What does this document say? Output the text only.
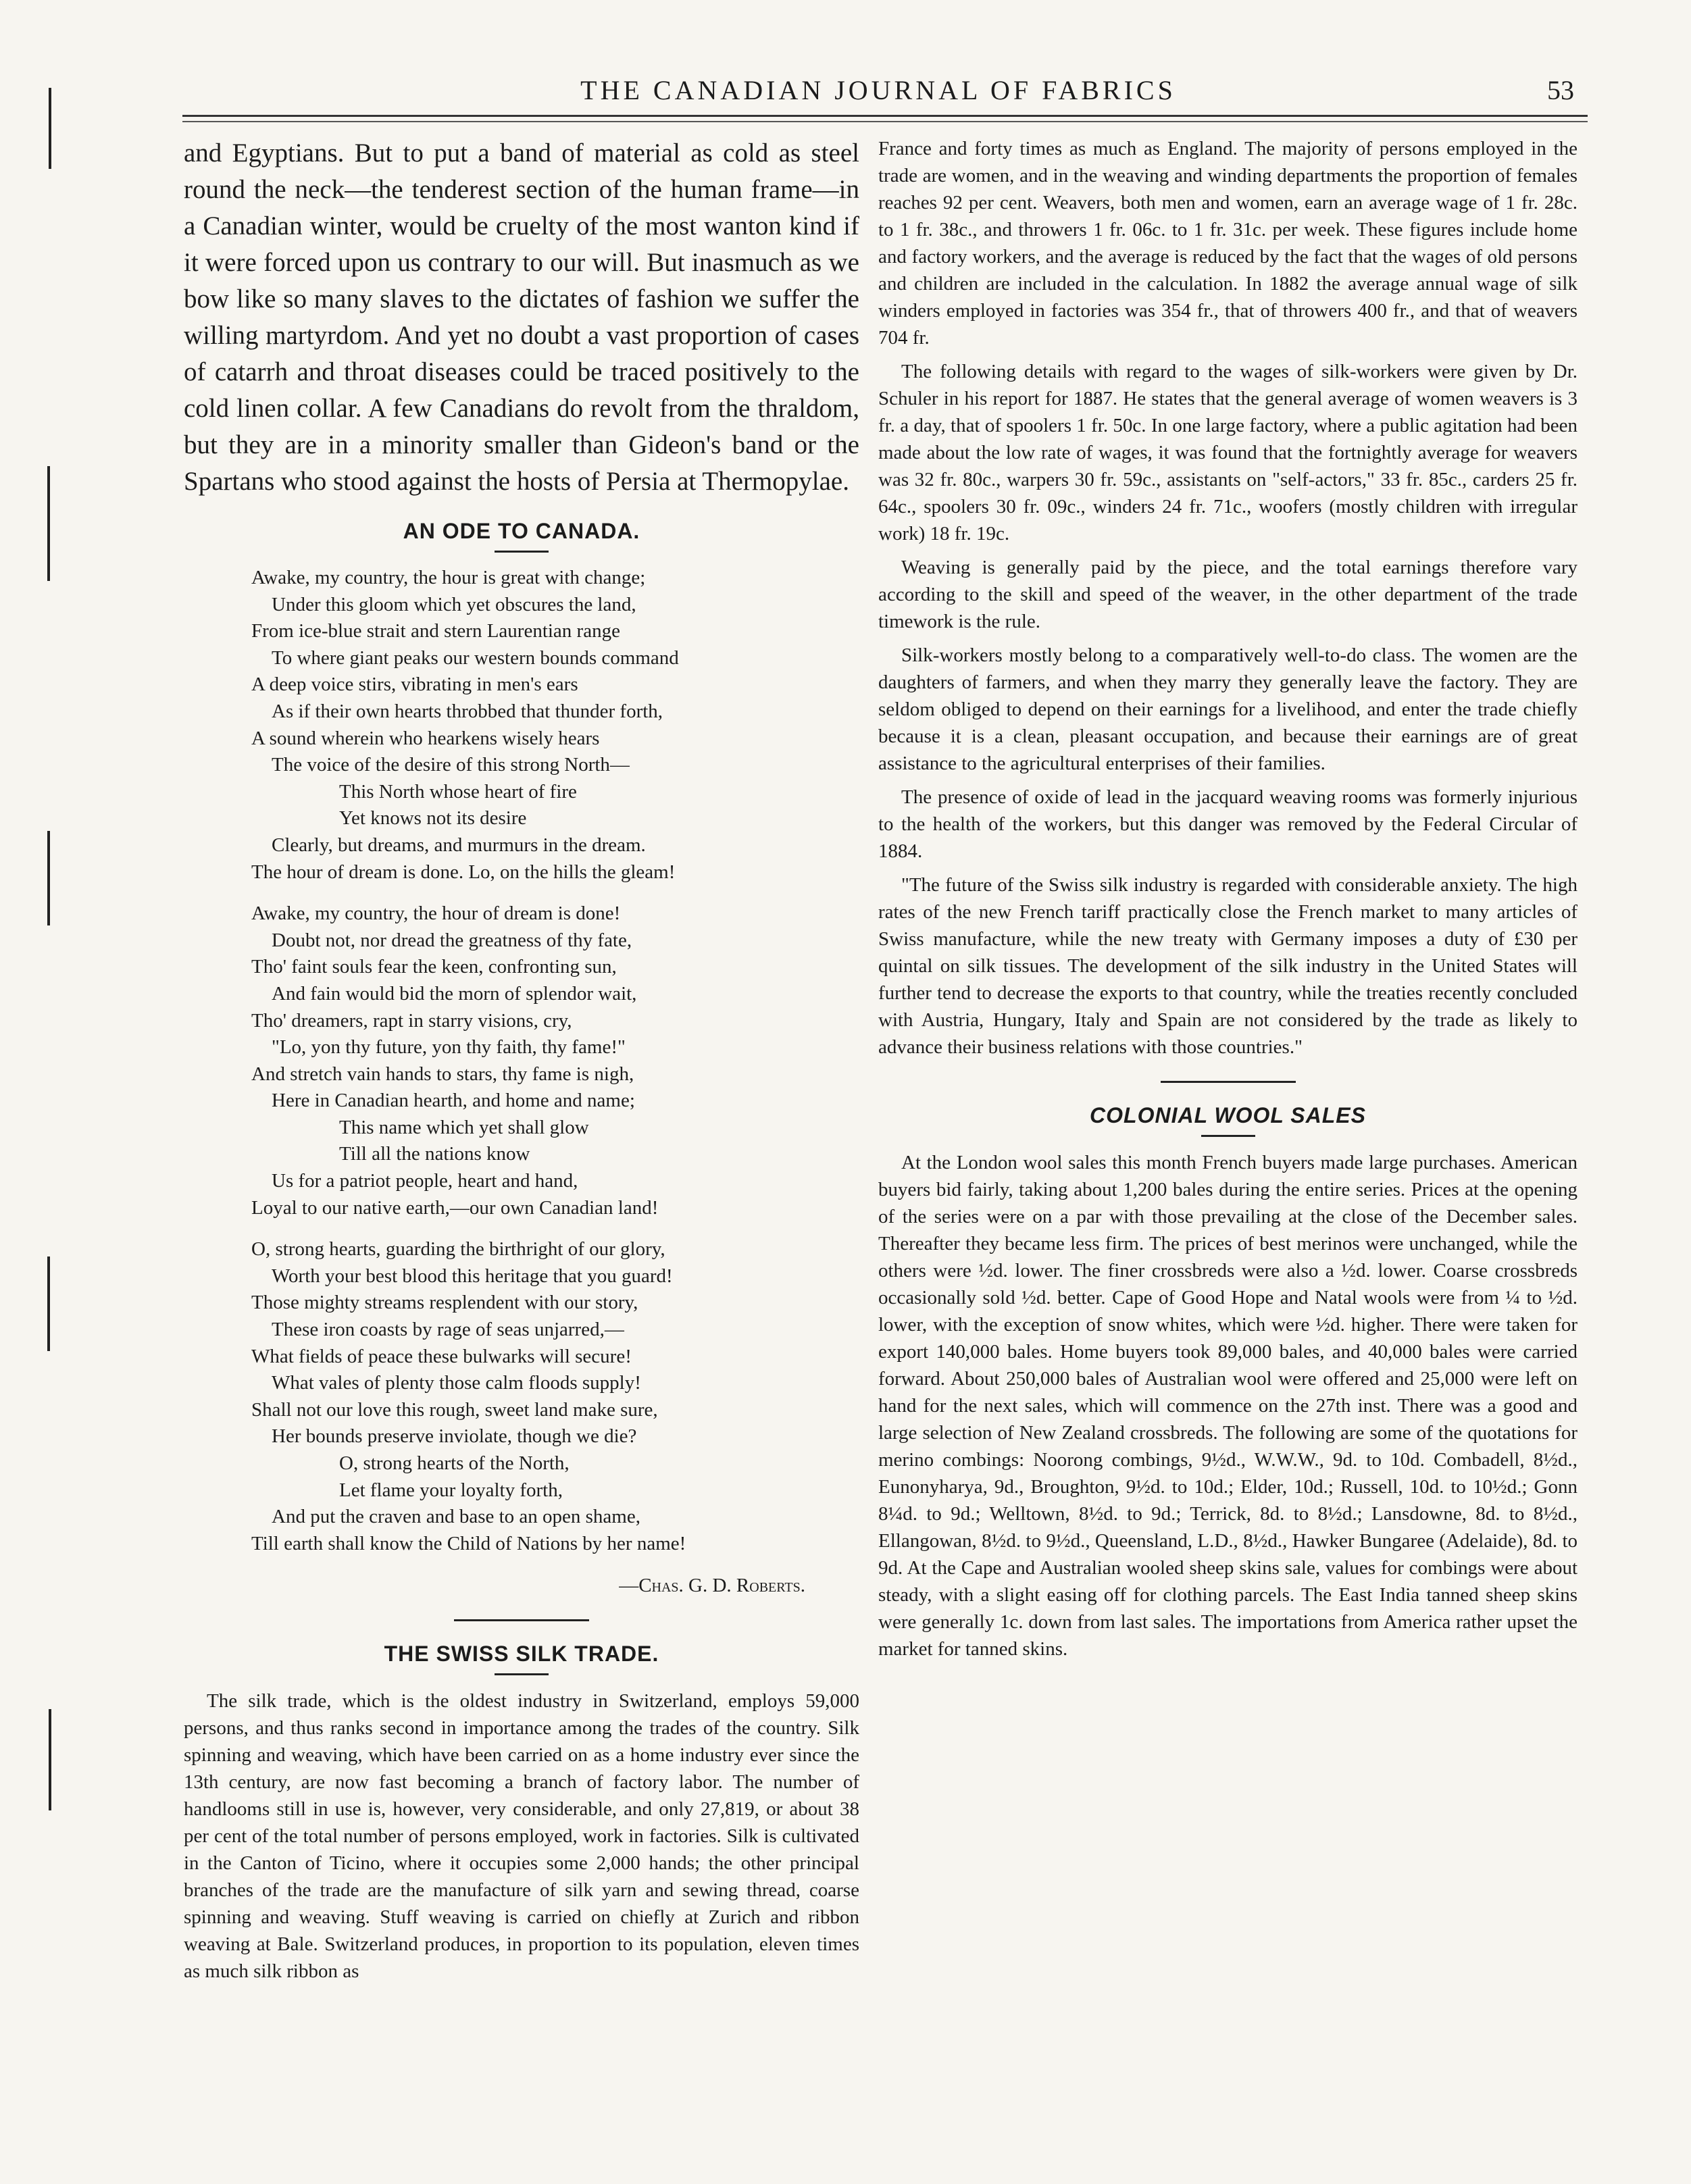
THE CANADIAN JOURNAL OF FABRICS	53

and Egyptians. But to put a band of material as cold as steel round the neck—the tenderest section of the human frame—in a Canadian winter, would be cruelty of the most wanton kind if it were forced upon us contrary to our will. But inasmuch as we bow like so many slaves to the dictates of fashion we suffer the willing martyrdom. And yet no doubt a vast proportion of cases of catarrh and throat diseases could be traced positively to the cold linen collar. A few Canadians do revolt from the thraldom, but they are in a minority smaller than Gideon's band or the Spartans who stood against the hosts of Persia at Thermopylae.

AN ODE TO CANADA.
Awake, my country, the hour is great with change;
Under this gloom which yet obscures the land,
From ice-blue strait and stern Laurentian range
To where giant peaks our western bounds command
A deep voice stirs, vibrating in men's ears
As if their own hearts throbbed that thunder forth,
A sound wherein who hearkens wisely hears
The voice of the desire of this strong North—
This North whose heart of fire
Yet knows not its desire
Clearly, but dreams, and murmurs in the dream.
The hour of dream is done. Lo, on the hills the gleam!
Awake, my country, the hour of dream is done!
Doubt not, nor dread the greatness of thy fate,
Tho' faint souls fear the keen, confronting sun,
And fain would bid the morn of splendor wait,
Tho' dreamers, rapt in starry visions, cry,
"Lo, yon thy future, yon thy faith, thy fame!"
And stretch vain hands to stars, thy fame is nigh,
Here in Canadian hearth, and home and name;
This name which yet shall glow
Till all the nations know
Us for a patriot people, heart and hand,
Loyal to our native earth,—our own Canadian land!
O, strong hearts, guarding the birthright of our glory,
Worth your best blood this heritage that you guard!
Those mighty streams resplendent with our story,
These iron coasts by rage of seas unjarred,—
What fields of peace these bulwarks will secure!
What vales of plenty those calm floods supply!
Shall not our love this rough, sweet land make sure,
Her bounds preserve inviolate, though we die?
O, strong hearts of the North,
Let flame your loyalty forth,
And put the craven and base to an open shame,
Till earth shall know the Child of Nations by her name!
—Chas. G. D. Roberts.
THE SWISS SILK TRADE.

The silk trade, which is the oldest industry in Switzerland, employs 59,000 persons, and thus ranks second in importance among the trades of the country. Silk spinning and weaving, which have been carried on as a home industry ever since the 13th century, are now fast becoming a branch of factory labor. The number of handlooms still in use is, however, very considerable, and only 27,819, or about 38 per cent of the total number of persons employed, work in factories. Silk is cultivated in the Canton of Ticino, where it occupies some 2,000 hands; the other principal branches of the trade are the manufacture of silk yarn and sewing thread, coarse spinning and weaving. Stuff weaving is carried on chiefly at Zurich and ribbon weaving at Bale. Switzerland produces, in proportion to its population, eleven times as much silk ribbon as

France and forty times as much as England. The majority of persons employed in the trade are women, and in the weaving and winding departments the proportion of females reaches 92 per cent. Weavers, both men and women, earn an average wage of 1 fr. 28c. to 1 fr. 38c., and throwers 1 fr. 06c. to 1 fr. 31c. per week. These figures include home and factory workers, and the average is reduced by the fact that the wages of old persons and children are included in the calculation. In 1882 the average annual wage of silk winders employed in factories was 354 fr., that of throwers 400 fr., and that of weavers 704 fr.

The following details with regard to the wages of silk-workers were given by Dr. Schuler in his report for 1887. He states that the general average of women weavers is 3 fr. a day, that of spoolers 1 fr. 50c. In one large factory, where a public agitation had been made about the low rate of wages, it was found that the fortnightly average for weavers was 32 fr. 80c., warpers 30 fr. 59c., assistants on "self-actors," 33 fr. 85c., carders 25 fr. 64c., spoolers 30 fr. 09c., winders 24 fr. 71c., woofers (mostly children with irregular work) 18 fr. 19c.

Weaving is generally paid by the piece, and the total earnings therefore vary according to the skill and speed of the weaver, in the other department of the trade timework is the rule.

Silk-workers mostly belong to a comparatively well-to-do class. The women are the daughters of farmers, and when they marry they generally leave the factory. They are seldom obliged to depend on their earnings for a livelihood, and enter the trade chiefly because it is a clean, pleasant occupation, and because their earnings are of great assistance to the agricultural enterprises of their families.

The presence of oxide of lead in the jacquard weaving rooms was formerly injurious to the health of the workers, but this danger was removed by the Federal Circular of 1884.

"The future of the Swiss silk industry is regarded with considerable anxiety. The high rates of the new French tariff practically close the French market to many articles of Swiss manufacture, while the new treaty with Germany imposes a duty of £30 per quintal on silk tissues. The development of the silk industry in the United States will further tend to decrease the exports to that country, while the treaties recently concluded with Austria, Hungary, Italy and Spain are not considered by the trade as likely to advance their business relations with those countries."

COLONIAL WOOL SALES

At the London wool sales this month French buyers made large purchases. American buyers bid fairly, taking about 1,200 bales during the entire series. Prices at the opening of the series were on a par with those prevailing at the close of the December sales. Thereafter they became less firm. The prices of best merinos were unchanged, while the others were ½d. lower. The finer crossbreds were also a ½d. lower. Coarse crossbreds occasionally sold ½d. better. Cape of Good Hope and Natal wools were from ¼ to ½d. lower, with the exception of snow whites, which were ½d. higher. There were taken for export 140,000 bales. Home buyers took 89,000 bales, and 40,000 bales were carried forward. About 250,000 bales of Australian wool were offered and 25,000 were left on hand for the next sales, which will commence on the 27th inst. There was a good and large selection of New Zealand crossbreds. The following are some of the quotations for merino combings: Noorong combings, 9½d., W.W.W., 9d. to 10d. Combadell, 8½d., Eunonyharya, 9d., Broughton, 9½d. to 10d.; Elder, 10d.; Russell, 10d. to 10½d.; Gonn 8¼d. to 9d.; Welltown, 8½d. to 9d.; Terrick, 8d. to 8½d.; Lansdowne, 8d. to 8½d., Ellangowan, 8½d. to 9½d., Queensland, L.D., 8½d., Hawker Bungaree (Adelaide), 8d. to 9d. At the Cape and Australian wooled sheep skins sale, values for combings were about steady, with a slight easing off for clothing parcels. The East India tanned sheep skins were generally 1c. down from last sales. The importations from America rather upset the market for tanned skins.
